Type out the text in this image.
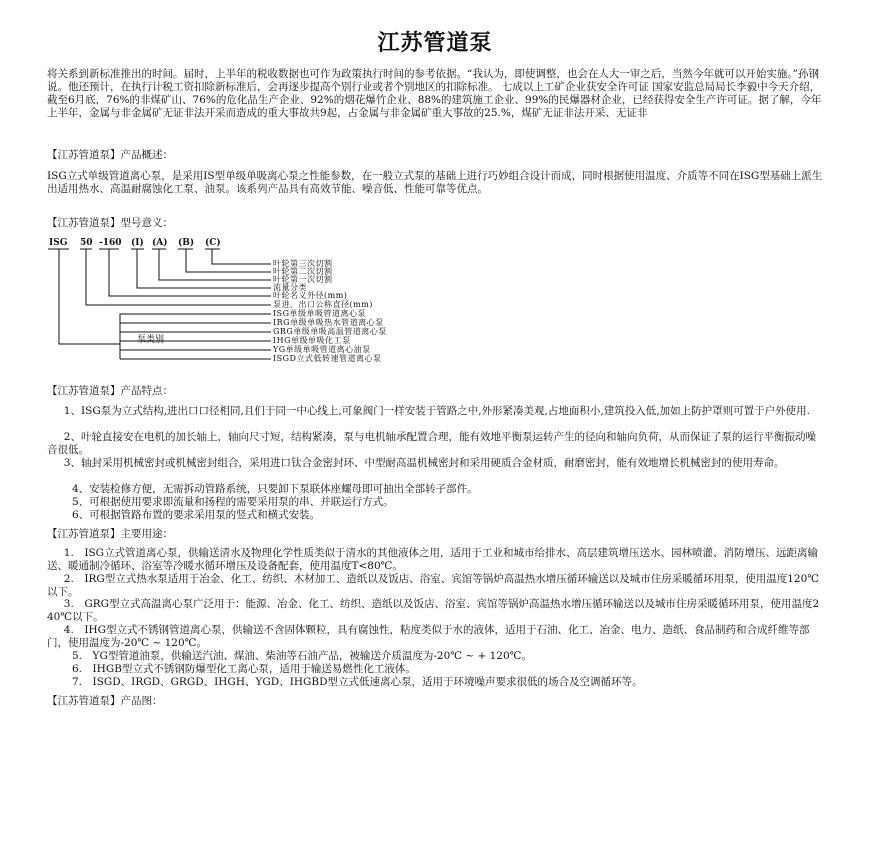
江苏管道泵
将关系到新标准推出的时间。届时，上半年的税收数据也可作为政策执行时间的参考依据。“我认为，即使调整，也会在人大一审之后，当然今年就可以开始实施。”孙钢说。他还预计，在执行计税工资扣除新标准后，会再逐步提高个别行业或者个别地区的扣除标准。 七成以上工矿企业获安全许可证 国家安监总局局长李毅中今天介绍，截至6月底，76%的非煤矿山、76%的危化品生产企业、92%的烟花爆竹企业、88%的建筑施工企业、99%的民爆器材企业，已经获得安全生产许可证。据了解，今年上半年，金属与非金属矿无证非法开采而造成的重大事故共9起，占金属与非金属矿重大事故的25.%，煤矿无证非法开采、无证非
【江苏管道泵】产品概述：
ISG立式单级管道离心泵，是采用IS型单级单吸离心泵之性能参数，在一般立式泵的基础上进行巧妙组合设计而成，同时根据使用温度、介质等不同在ISG型基础上派生出适用热水、高温耐腐蚀化工泵、油泵。该系列产品具有高效节能、噪音低、性能可靠等优点。
【江苏管道泵】型号意义：
ISG 50 -160 (I) (A) (B) (C)
叶轮第三次切割
叶轮第二次切割
叶轮第一次切割
流量分类
叶轮名义外径(mm)
泵进、出口公称直径(mm)
ISG单级单吸管道离心泵
IRG单级单吸热水管道离心泵
GRG单级单吸高温管道离心泵
IHG单级单吸化工泵
YG单级单吸管道离心油泵
ISGD立式低转速管道离心泵
泵类别
【江苏管道泵】产品特点：
1、ISG泵为立式结构,进出口口径相同,且们于同一中心线上,可象阀门一样安装于管路之中,外形紧凑美观,占地面积小,建筑投入低,加如上防护罩则可置于户外使用.
2、叶轮直接安在电机的加长轴上，轴向尺寸短，结构紧凑，泵与电机轴承配置合理，能有效地平衡泵运转产生的径向和轴向负荷，从而保证了泵的运行平衡振动噪音很低。
3、轴封采用机械密封或机械密封组合，采用进口钛合金密封环、中型耐高温机械密封和采用硬质合金材质，耐磨密封，能有效地增长机械密封的使用寿命。
4、安装检修方便，无需拆动管路系统，只要卸下泵联体座螺母即可抽出全部转子部件。
5、可根据使用要求即流量和扬程的需要采用泵的串、并联运行方式。
6、可根据管路布置的要求采用泵的竖式和横式安装。
【江苏管道泵】主要用途：
1.　ISG立式管道离心泵，供输送清水及物理化学性质类似于清水的其他液体之用，适用于工业和城市给排水、高层建筑增压送水、园林喷灌、消防增压、远距离输送、暖通制冷循环、浴室等冷暖水循环增压及设备配套，使用温度T<80℃。
2.　IRG型立式热水泵适用于冶金、化工、纺织、木材加工、造纸以及饭店、浴室、宾馆等锅炉高温热水增压循环输送以及城市住房采暖循环用泵，使用温度120℃以下。
3.　GRG型立式高温离心泵广泛用于：能源、冶金、化工、纺织、造纸以及饭店、浴室、宾馆等锅炉高温热水增压循环输送以及城市住房采暖循环用泵，使用温度240℃以下。
4.　IHG型立式不锈钢管道离心泵，供输送不含固体颗粒，具有腐蚀性，粘度类似于水的液体，适用于石油、化工、冶金、电力、造纸、食品制药和合成纤维等部门，使用温度为-20℃ ~ 120℃。
5.　YG型管道油泵，供输送汽油、煤油、柴油等石油产品，被输送介质温度为-20℃ ~ + 120℃。
6.　IHGB型立式不锈钢防爆型化工离心泵，适用于输送易燃性化工液体。
7.　ISGD、IRGD、GRGD、IHGH、YGD、IHGBD型立式低速离心泵，适用于环境噪声要求很低的场合及空调循环等。
【江苏管道泵】产品图：
